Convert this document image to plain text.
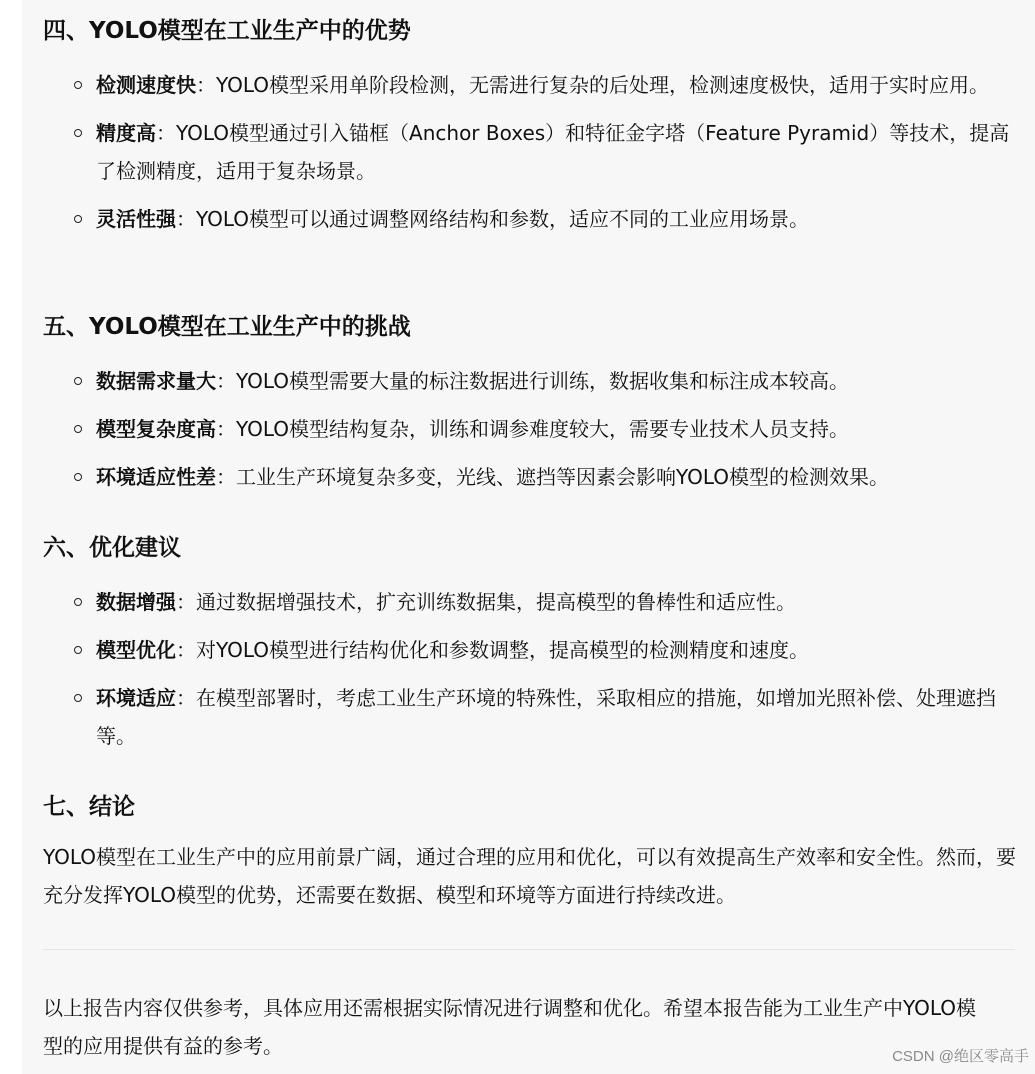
四、YOLO模型在工业生产中的优势
检测速度快：YOLO模型采用单阶段检测，无需进行复杂的后处理，检测速度极快，适用于实时应用。
精度高：YOLO模型通过引入锚框（Anchor Boxes）和特征金字塔（Feature Pyramid）等技术，提高了检测精度，适用于复杂场景。
灵活性强：YOLO模型可以通过调整网络结构和参数，适应不同的工业应用场景。
五、YOLO模型在工业生产中的挑战
数据需求量大：YOLO模型需要大量的标注数据进行训练，数据收集和标注成本较高。
模型复杂度高：YOLO模型结构复杂，训练和调参难度较大，需要专业技术人员支持。
环境适应性差：工业生产环境复杂多变，光线、遮挡等因素会影响YOLO模型的检测效果。
六、优化建议
数据增强：通过数据增强技术，扩充训练数据集，提高模型的鲁棒性和适应性。
模型优化：对YOLO模型进行结构优化和参数调整，提高模型的检测精度和速度。
环境适应：在模型部署时，考虑工业生产环境的特殊性，采取相应的措施，如增加光照补偿、处理遮挡等。
七、结论

YOLO模型在工业生产中的应用前景广阔，通过合理的应用和优化，可以有效提高生产效率和安全性。然而，要充分发挥YOLO模型的优势，还需要在数据、模型和环境等方面进行持续改进。

以上报告内容仅供参考，具体应用还需根据实际情况进行调整和优化。希望本报告能为工业生产中YOLO模型的应用提供有益的参考。	CSDN @绝区零高手
